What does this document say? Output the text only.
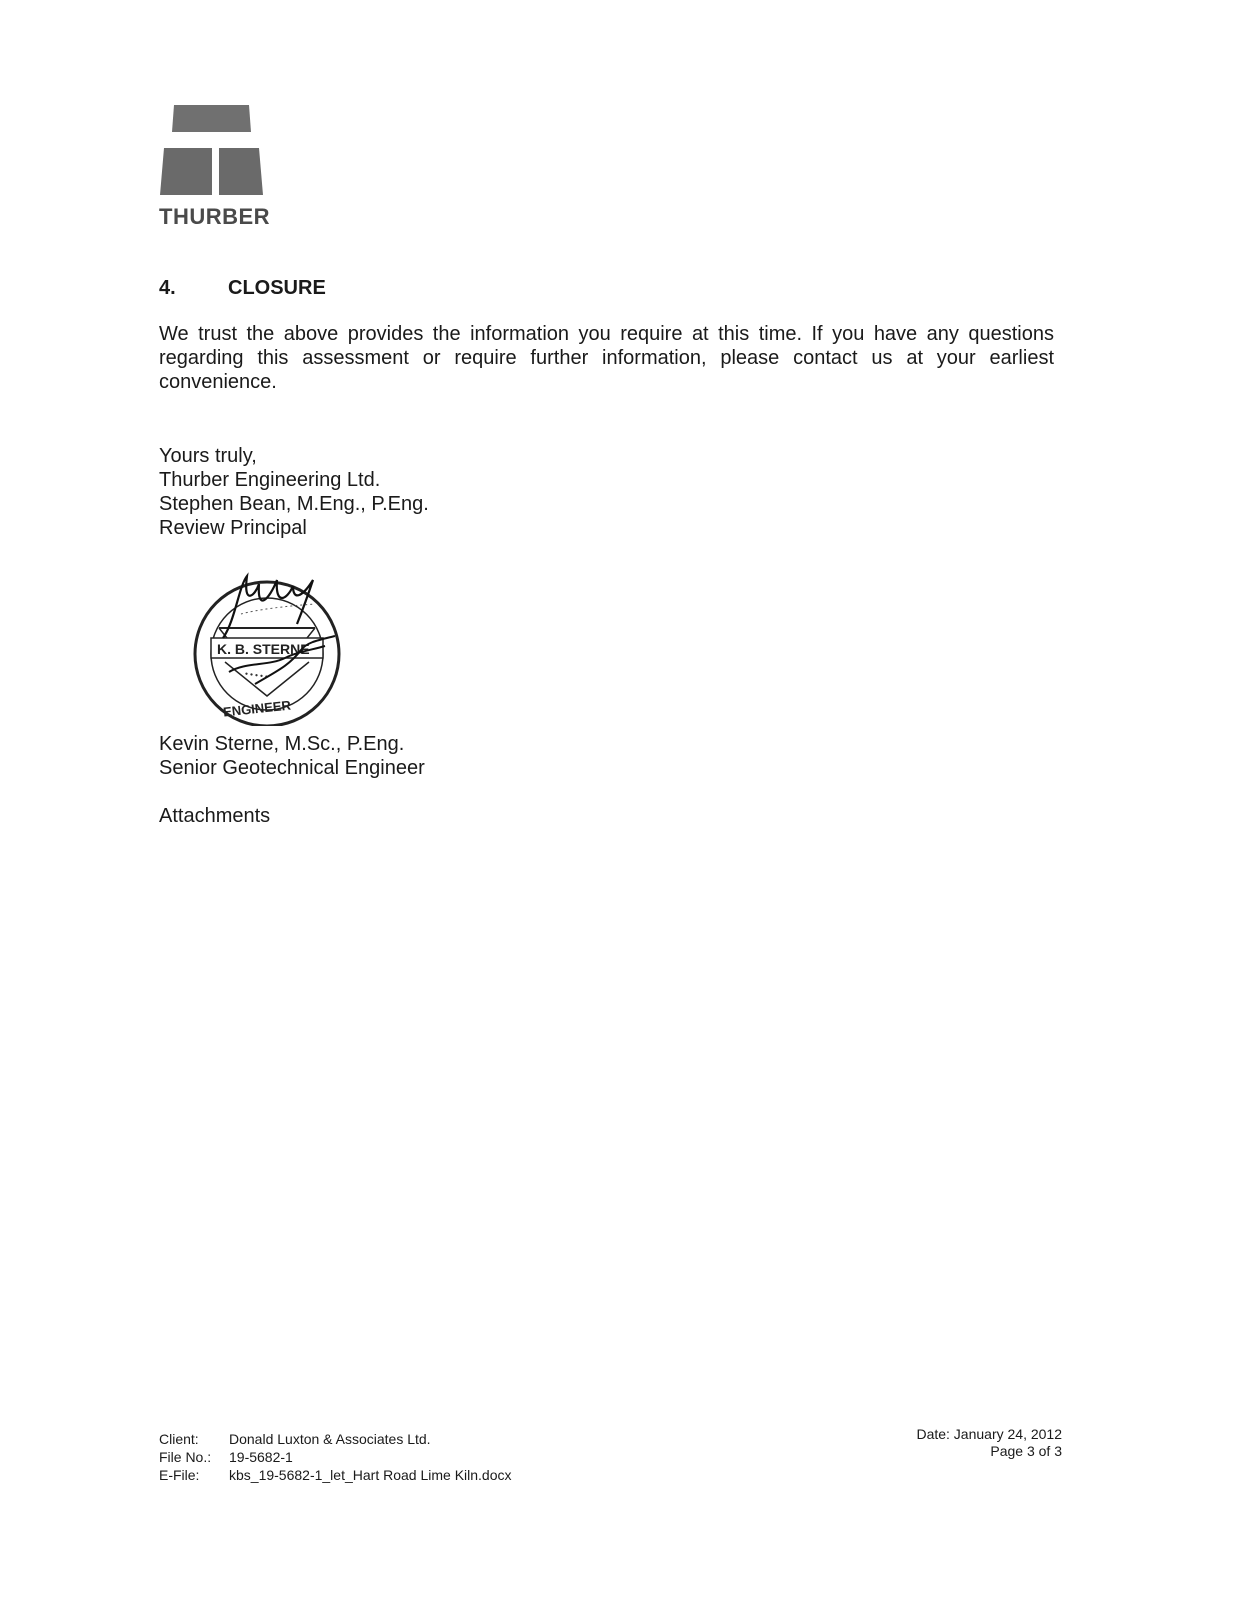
THURBER
4.	CLOSURE
We trust the above provides the information you require at this time. If you have any questions regarding this assessment or require further information, please contact us at your earliest convenience.
Yours truly,
Thurber Engineering Ltd.
Stephen Bean, M.Eng., P.Eng.
Review Principal
K. B. STERNE
• • • • •
ENGINEER
Kevin Sterne, M.Sc., P.Eng.
Senior Geotechnical Engineer
Attachments
Client: Donald Luxton & Associates Ltd.
File No.: 19-5682-1
E-File: kbs_19-5682-1_let_Hart Road Lime Kiln.docx
Date: January 24, 2012
Page 3 of 3
